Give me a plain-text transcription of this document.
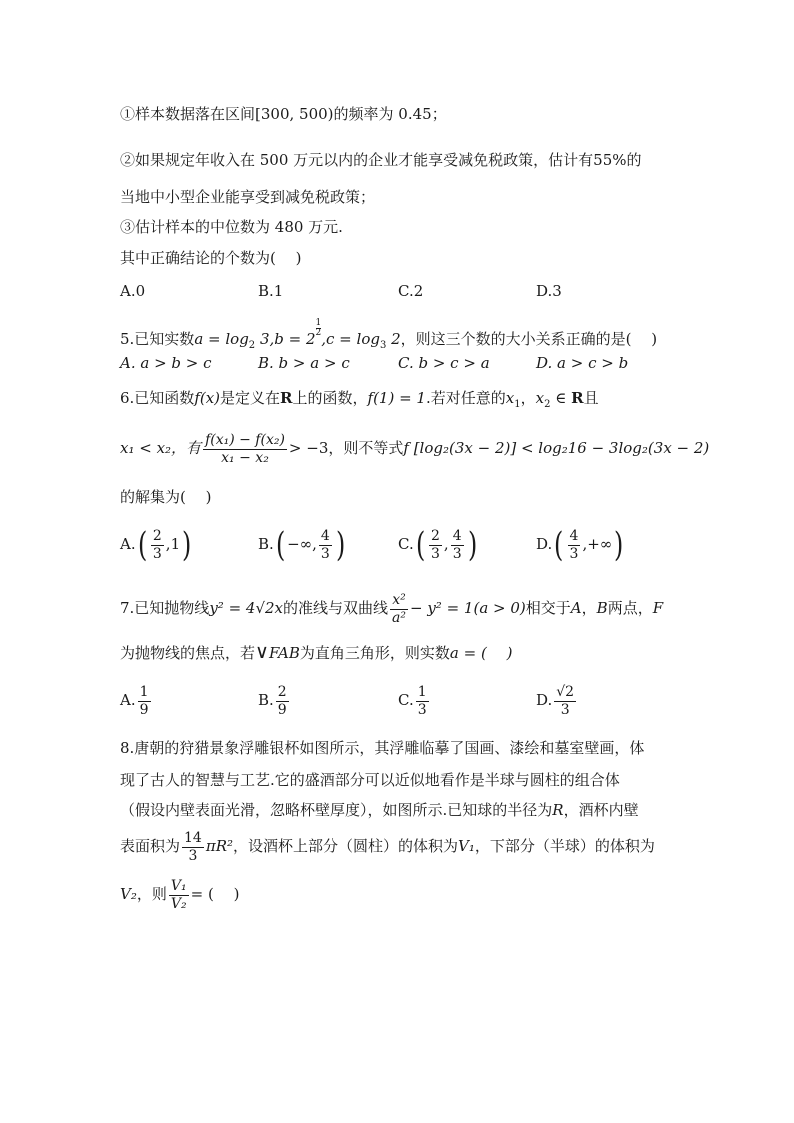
①样本数据落在区间[300, 500)的频率为 0.45；
②如果规定年收入在 500 万元以内的企业才能享受减免税政策，估计有55%的
当地中小型企业能享受到减免税政策；
③估计样本的中位数为 480 万元.
其中正确结论的个数为(　 )
A.0	B.1	C.2	D.3
5.已知实数$a = \log_2 3,b = 2$
$\frac{1}{2}$
$,c = \log_3 2$，则这三个数的大小关系正确的是(　 )
A. a > b > c	B. b > a > c	C. b > c > a	D. a > c > b
6.已知函数f(x)是定义在R上的函数，f(1) = 1.若对任意的$x_1$，$x_2$ ∈ R且
x₁ < x₂，有 $\frac{\text{f(x₁) − f(x₂)}}{\text{x₁ − x₂}} > -3$，则不等式f [log₂(3x − 2)] < log₂16 − 3log₂(3x − 2)
的解集为(　 )
$A.( \frac{2}{3} ,1)$	B.( −∞, $\frac{4}{3}$ )	$C.( \frac{2}{3}$ , $\frac{4}{3}$ )	$D.( \frac{4}{3}$ ,+∞)
7.已知抛物线y² = 4√2x的准线与双曲线 $\frac{\text{x²}}{\text{a²}} - y^2 = 1(a > 0)$相交于A，B两点，F
为抛物线的焦点，若∨FAB为直角三角形，则实数a = (　 )
A. $\frac{1}{9}$	B. $\frac{2}{9}$	C. $\frac{1}{3}$	D. $\frac{√2}{3}$
8.唐朝的狩猎景象浮雕银杯如图所示，其浮雕临摹了国画、漆绘和墓室壁画，体
现了古人的智慧与工艺.它的盛酒部分可以近似地看作是半球与圆柱的组合体
（假设内壁表面光滑，忽略杯壁厚度），如图所示.已知球的半径为R，酒杯内壁
表面积为 $\frac{14}{3} \pi R^2$，设酒杯上部分（圆柱）的体积为V₁，下部分（半球）的体积为
V₂，则 $\frac{\text{V₁}}{\text{V₂}}$ = (　 )
